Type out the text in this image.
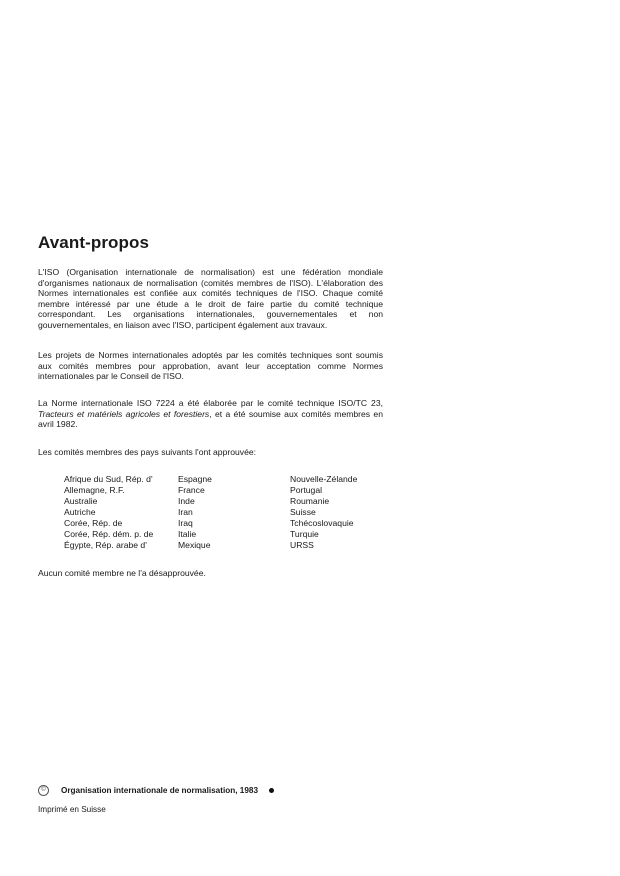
Avant-propos

L'ISO (Organisation internationale de normalisation) est une fédération mondiale d'organismes nationaux de normalisation (comités membres de l'ISO). L'élaboration des Normes internationales est confiée aux comités techniques de l'ISO. Chaque comité membre intéressé par une étude a le droit de faire partie du comité technique correspondant. Les organisations internationales, gouvernementales et non gouvernementales, en liaison avec l'ISO, participent également aux travaux.

Les projets de Normes internationales adoptés par les comités techniques sont soumis aux comités membres pour approbation, avant leur acceptation comme Normes internationales par le Conseil de l'ISO.

La Norme internationale ISO 7224 a été élaborée par le comité technique ISO/TC 23, Tracteurs et matériels agricoles et forestiers, et a été soumise aux comités membres en avril 1982.

Les comités membres des pays suivants l'ont approuvée:

Afrique du Sud, Rép. d'
Allemagne, R.F.
Australie
Autriche
Corée, Rép. de
Corée, Rép. dém. p. de
Égypte, Rép. arabe d'
Espagne
France
Inde
Iran
Iraq
Italie
Mexique
Nouvelle-Zélande
Portugal
Roumanie
Suisse
Tchécoslovaquie
Turquie
URSS

Aucun comité membre ne l'a désapprouvée.

©	Organisation internationale de normalisation, 1983
Imprimé en Suisse
